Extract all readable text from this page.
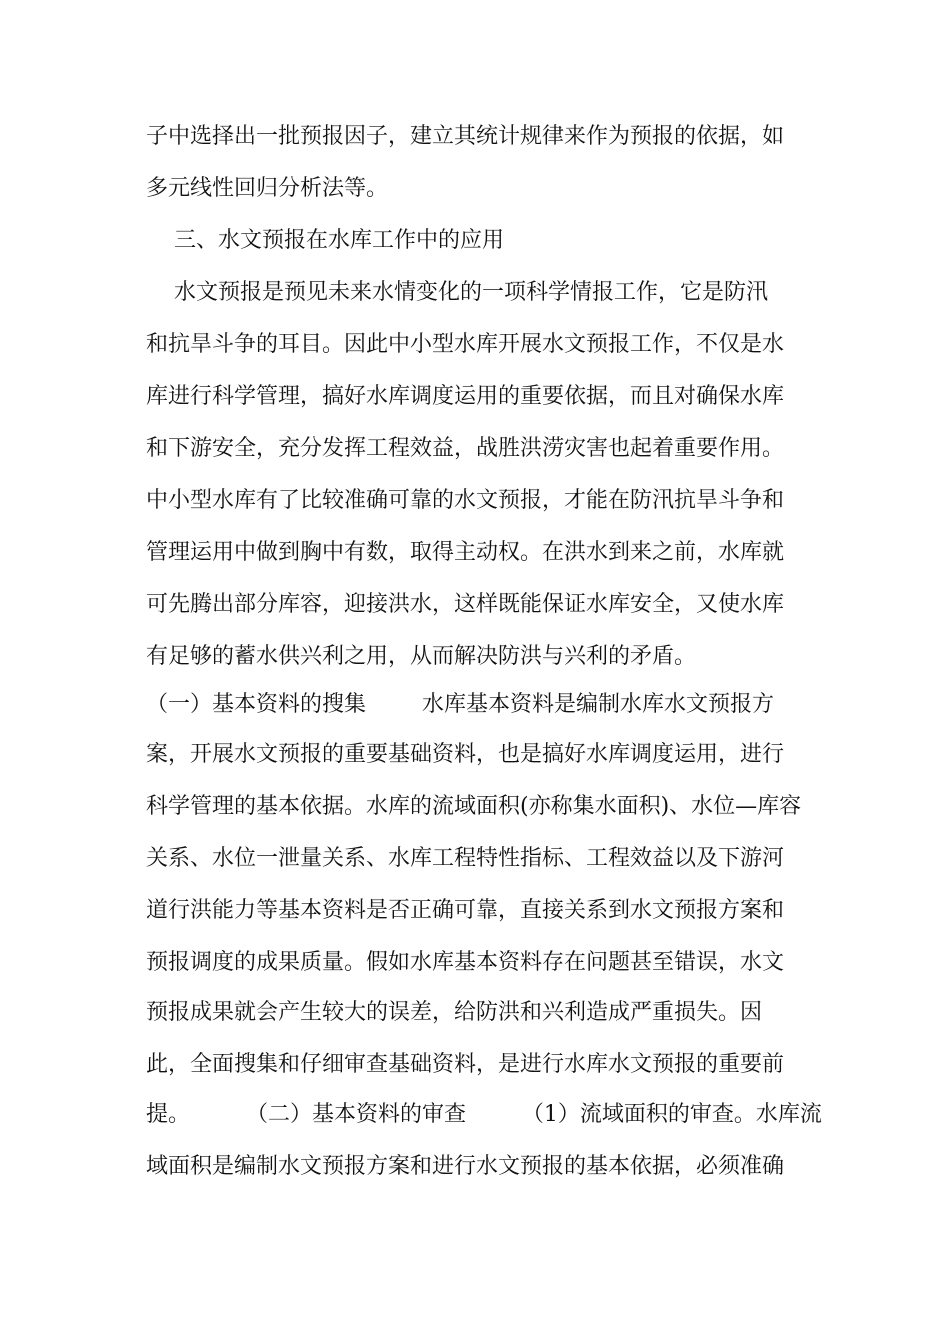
子中选择出一批预报因子，建立其统计规律来作为预报的依据，如
多元线性回归分析法等。
三、水文预报在水库工作中的应用
水文预报是预见未来水情变化的一项科学情报工作，它是防汛
和抗旱斗争的耳目。因此中小型水库开展水文预报工作，不仅是水
库进行科学管理，搞好水库调度运用的重要依据，而且对确保水库
和下游安全，充分发挥工程效益，战胜洪涝灾害也起着重要作用。
中小型水库有了比较准确可靠的水文预报，才能在防汛抗旱斗争和
管理运用中做到胸中有数，取得主动权。在洪水到来之前，水库就
可先腾出部分库容，迎接洪水，这样既能保证水库安全，又使水库
有足够的蓄水供兴利之用，从而解决防洪与兴利的矛盾。
（一）基本资料的搜集        水库基本资料是编制水库水文预报方
案，开展水文预报的重要基础资料，也是搞好水库调度运用，进行
科学管理的基本依据。水库的流域面积(亦称集水面积)、水位—库容
关系、水位一泄量关系、水库工程特性指标、工程效益以及下游河
道行洪能力等基本资料是否正确可靠，直接关系到水文预报方案和
预报调度的成果质量。假如水库基本资料存在问题甚至错误，水文
预报成果就会产生较大的误差，给防洪和兴利造成严重损失。因
此，全面搜集和仔细审查基础资料，是进行水库水文预报的重要前
提。        （二）基本资料的审查        （1）流域面积的审查。水库流
域面积是编制水文预报方案和进行水文预报的基本依据，必须准确
